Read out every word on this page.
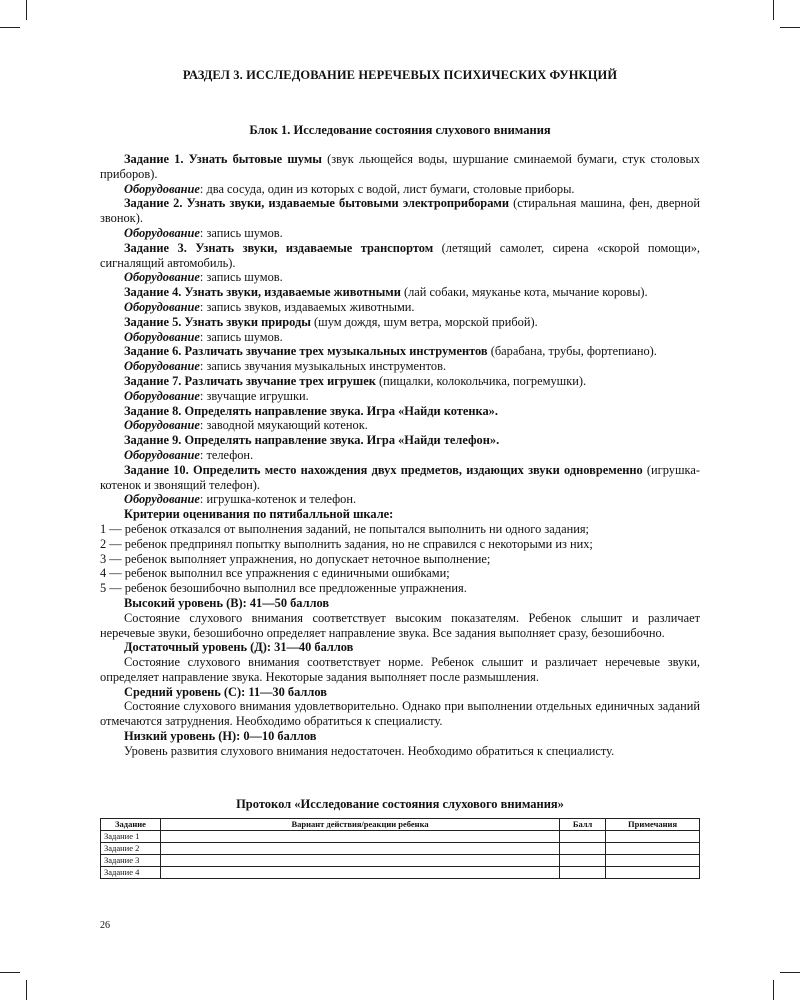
РАЗДЕЛ 3. ИССЛЕДОВАНИЕ НЕРЕЧЕВЫХ ПСИХИЧЕСКИХ ФУНКЦИЙ
Блок 1. Исследование состояния слухового внимания

Задание 1. Узнать бытовые шумы (звук льющейся воды, шуршание сминаемой бумаги, стук столовых приборов).

Оборудование: два сосуда, один из которых с водой, лист бумаги, столовые приборы.

Задание 2. Узнать звуки, издаваемые бытовыми электроприборами (стиральная машина, фен, дверной звонок).

Оборудование: запись шумов.

Задание 3. Узнать звуки, издаваемые транспортом (летящий самолет, сирена «скорой помощи», сигналящий автомобиль).

Оборудование: запись шумов.

Задание 4. Узнать звуки, издаваемые животными (лай собаки, мяуканье кота, мычание коровы).

Оборудование: запись звуков, издаваемых животными.

Задание 5. Узнать звуки природы (шум дождя, шум ветра, морской прибой).

Оборудование: запись шумов.

Задание 6. Различать звучание трех музыкальных инструментов (барабана, трубы, фортепиано).

Оборудование: запись звучания музыкальных инструментов.

Задание 7. Различать звучание трех игрушек (пищалки, колокольчика, погремушки).

Оборудование: звучащие игрушки.

Задание 8. Определять направление звука. Игра «Найди котенка».

Оборудование: заводной мяукающий котенок.

Задание 9. Определять направление звука. Игра «Найди телефон».

Оборудование: телефон.

Задание 10. Определить место нахождения двух предметов, издающих звуки одновременно (игрушка-котенок и звонящий телефон).

Оборудование: игрушка-котенок и телефон.

Критерии оценивания по пятибалльной шкале:

1 — ребенок отказался от выполнения заданий, не попытался выполнить ни одного задания;

2 — ребенок предпринял попытку выполнить задания, но не справился с некоторыми из них;

3 — ребенок выполняет упражнения, но допускает неточное выполнение;

4 — ребенок выполнил все упражнения с единичными ошибками;

5 — ребенок безошибочно выполнил все предложенные упражнения.

Высокий уровень (В): 41—50 баллов

Состояние слухового внимания соответствует высоким показателям. Ребенок слышит и различает неречевые звуки, безошибочно определяет направление звука. Все задания выполняет сразу, безошибочно.

Достаточный уровень (Д): 31—40 баллов

Состояние слухового внимания соответствует норме. Ребенок слышит и различает неречевые звуки, определяет направление звука. Некоторые задания выполняет после размышления.

Средний уровень (С): 11—30 баллов

Состояние слухового внимания удовлетворительно. Однако при выполнении отдельных единичных заданий отмечаются затруднения. Необходимо обратиться к специалисту.

Низкий уровень (Н): 0—10 баллов

Уровень развития слухового внимания недостаточен. Необходимо обратиться к специалисту.

Протокол «Исследование состояния слухового внимания»
Задание	Вариант действия/реакции ребенка	Балл	Примечания
Задание 1			
Задание 2			
Задание 3			
Задание 4			
26
